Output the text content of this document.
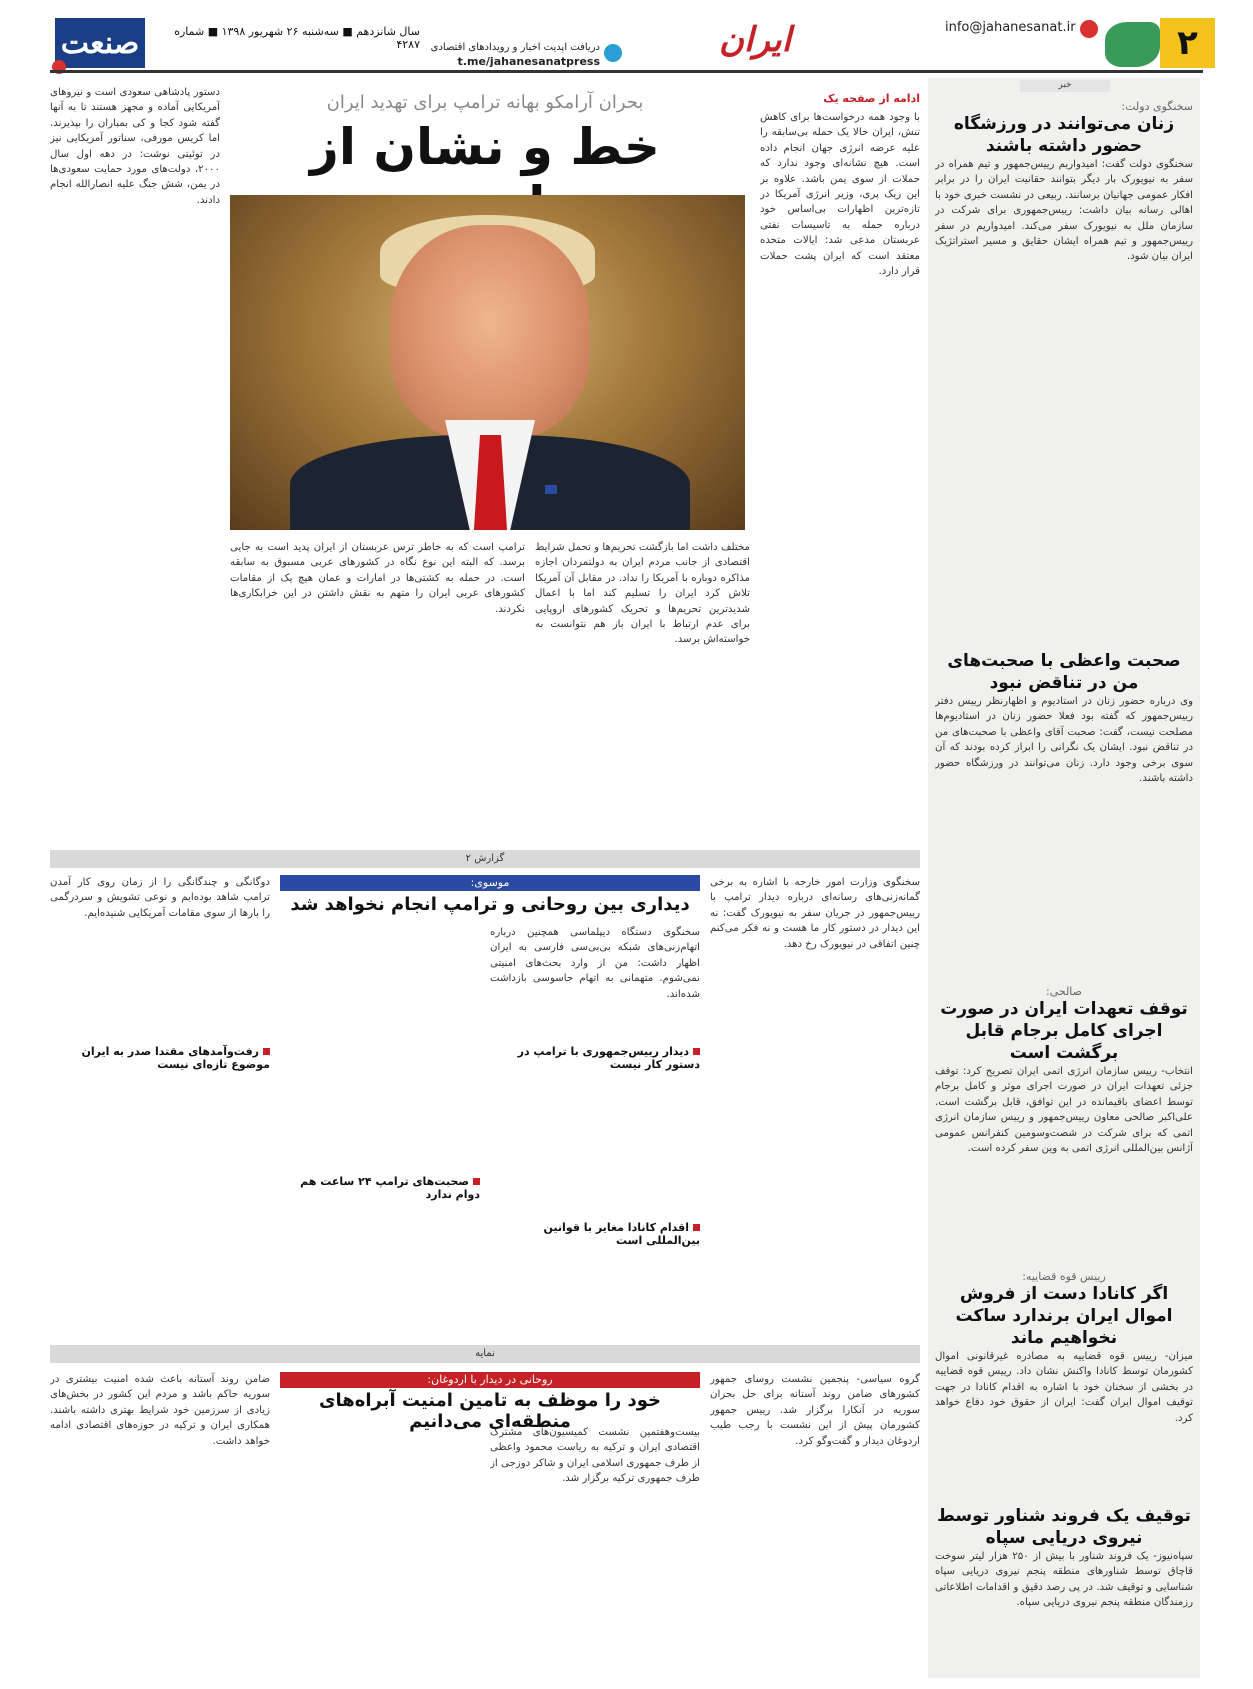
۲
info@jahanesanat.ir
ایران
دریافت اپدیت اخبار و رویدادهای اقتصادی
t.me/jahanesanatpress
سال شانزدهم ■ سه‌شنبه ۲۶ شهریور ۱۳۹۸ ■ شماره ۴۲۸۷
صنعت
خبر
سخنگوی دولت:
زنان می‌توانند در ورزشگاه حضور داشته باشند
سخنگوی دولت گفت: امیدواریم رییس‌جمهور و تیم همراه در سفر به نیویورک بار دیگر بتوانند حقانیت ایران را در برابر افکار عمومی جهانیان برسانند. ربیعی در نشست خبری خود با اهالی رسانه بیان داشت: رییس‌جمهوری برای شرکت در سازمان ملل به نیویورک سفر می‌کند. امیدواریم در سفر رییس‌جمهور و تیم همراه ایشان حقایق و مسیر استراتژیک ایران بیان شود.
صحبت واعظی با صحبت‌های من در تناقض نبود
وی درباره حضور زنان در استادیوم و اظهارنظر رییس دفتر رییس‌جمهور که گفته بود فعلا حضور زنان در استادیوم‌ها مصلحت نیست، گفت: صحبت آقای واعظی با صحبت‌های من در تناقض نبود. ایشان یک نگرانی را ابراز کرده بودند که آن سوی برخی وجود دارد. زنان می‌توانند در ورزشگاه حضور داشته باشند.
صالحی:
توقف تعهدات ایران در صورت اجرای کامل برجام قابل برگشت است
انتخاب- رییس سازمان انرژی اتمی ایران تصریح کرد: توقف جزئی تعهدات ایران در صورت اجرای موثر و کامل برجام توسط اعضای باقیمانده در این توافق، قابل برگشت است. علی‌اکبر صالحی معاون رییس‌جمهور و رییس سازمان انرژی اتمی که برای شرکت در شصت‌وسومین کنفرانس عمومی آژانس بین‌المللی انرژی اتمی به وین سفر کرده است.
رییس قوه قضاییه:
اگر کانادا دست از فروش اموال ایران برندارد ساکت نخواهیم ماند
میزان- رییس قوه قضاییه به مصادره غیرقانونی اموال کشورمان توسط کانادا واکنش نشان داد. رییس قوه قضاییه در بخشی از سخنان خود با اشاره به اقدام کانادا در جهت توقیف اموال ایران گفت: ایران از حقوق خود دفاع خواهد کرد.
توقیف یک فروند شناور توسط نیروی دریایی سپاه
سپاه‌نیوز- یک فروند شناور با بیش از ۲۵۰ هزار لیتر سوخت قاچاق توسط شناورهای منطقه پنجم نیروی دریایی سپاه شناسایی و توقیف شد. در پی رصد دقیق و اقدامات اطلاعاتی رزمندگان منطقه پنجم نیروی دریایی سپاه.
ادامه از صفحه یک
بحران آرامکو بهانه ترامپ برای تهدید ایران
خط و نشان از
با وجود همه درخواست‌ها برای کاهش تنش، ایران حالا یک حمله بی‌سابقه را علیه عرضه انرژی جهان انجام داده است. هیچ نشانه‌ای وجود ندارد که حملات از سوی یمن باشد. علاوه بر این ریک پری، وزیر انرژی آمریکا در تازه‌ترین اظهارات بی‌اساس خود درباره حمله به تاسیسات نفتی عربستان مدعی شد: ایالات متحده معتقد است که ایران پشت حملات قرار دارد.
مختلف داشت اما بازگشت تحریم‌ها و تحمل شرایط اقتصادی از جانب مردم ایران به دولتمردان اجازه مذاکره دوباره با آمریکا را نداد. در مقابل آن آمریکا تلاش کرد ایران را تسلیم کند اما با اعمال شدیدترین تحریم‌ها و تحریک کشورهای اروپایی برای عدم ارتباط با ایران باز هم نتوانست به خواسته‌اش برسد.
ترامپ است که به خاطر ترس عربستان از ایران پدید است به جایی برسد. که البته این نوع نگاه در کشورهای عربی مسبوق به سابقه است. در حمله به کشتی‌ها در امارات و عمان هیچ یک از مقامات کشورهای عربی ایران را متهم به نقش داشتن در این خرابکاری‌ها نکردند.
دستور پادشاهی سعودی است و نیروهای آمریکایی آماده و مجهز هستند تا به آنها گفته شود کجا و کی بمباران را بپذیرند. اما کریس مورفی، سناتور آمریکایی نیز در توئیتی نوشت: در دهه اول سال ۲۰۰۰، دولت‌های مورد حمایت سعودی‌ها در یمن، شش جنگ علیه انصارالله انجام دادند.
گزارش ۲
موسوی:
دیداری بین روحانی و ترامپ انجام نخواهد شد
سخنگوی وزارت امور خارجه با اشاره به برخی گمانه‌زنی‌های رسانه‌ای درباره دیدار ترامپ با رییس‌جمهور در جریان سفر به نیویورک گفت: نه این دیدار در دستور کار ما هست و نه فکر می‌کنم چنین اتفاقی در نیویورک رخ دهد.
سخنگوی دستگاه دیپلماسی همچنین درباره اتهام‌زنی‌های شبکه بی‌بی‌سی فارسی به ایران اظهار داشت: من از وارد بحث‌های امنیتی نمی‌شوم. متهمانی به اتهام جاسوسی بازداشت شده‌اند.
دیدار رییس‌جمهوری با ترامپ در دستور کار نیست
اقدام کانادا مغایر با قوانین بین‌المللی است
صحبت‌های ترامپ ۲۴ ساعت هم دوام ندارد
دوگانگی و چندگانگی را از زمان روی کار آمدن ترامپ شاهد بوده‌ایم و نوعی تشویش و سردرگمی را بارها از سوی مقامات آمریکایی شنیده‌ایم.
رفت‌وآمدهای مقتدا صدر به ایران موضوع تازه‌ای نیست
نمایه
روحانی در دیدار با اردوغان:
خود را موظف به تامین امنیت آبراه‌های منطقه‌ای می‌دانیم
گروه سیاسی- پنجمین نشست روسای جمهور کشورهای ضامن روند آستانه برای حل بحران سوریه در آنکارا برگزار شد. رییس جمهور کشورمان پیش از این نشست با رجب طیب اردوغان دیدار و گفت‌وگو کرد.
بیست‌وهفتمین نشست کمیسیون‌های مشترک اقتصادی ایران و ترکیه به ریاست محمود واعظی از طرف جمهوری اسلامی ایران و شاکر دوزجی از طرف جمهوری ترکیه برگزار شد.
ضامن روند آستانه باعث شده امنیت بیشتری در سوریه حاکم باشد و مردم این کشور در بخش‌های زیادی از سرزمین خود شرایط بهتری داشته باشند. همکاری ایران و ترکیه در حوزه‌های اقتصادی ادامه خواهد داشت.
